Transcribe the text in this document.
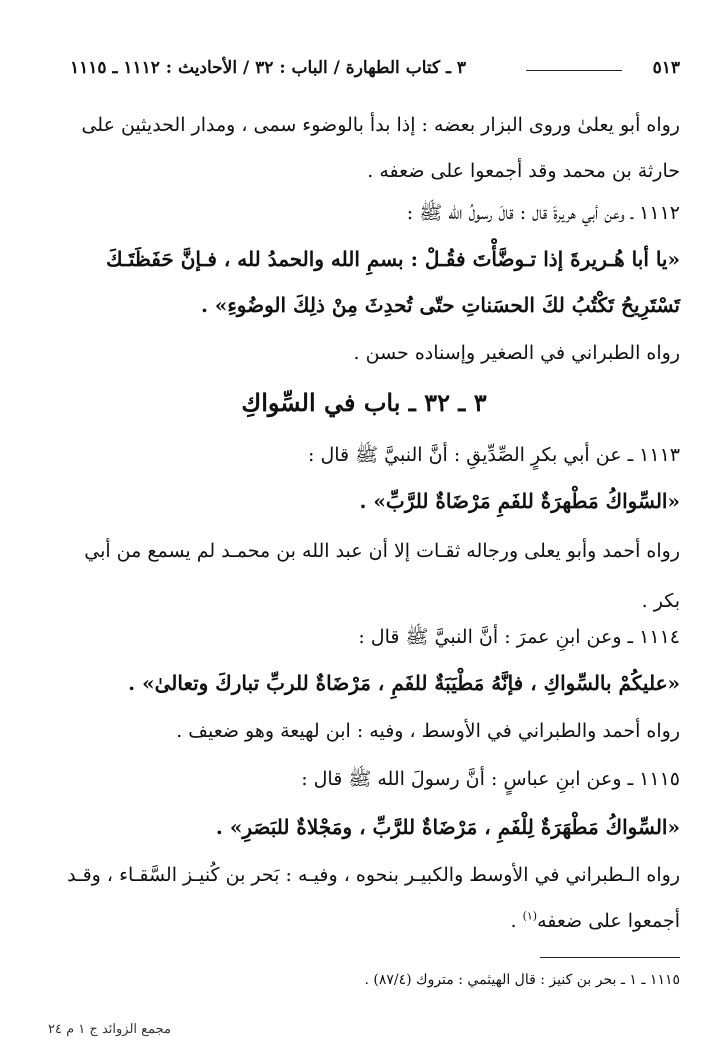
٥١٣
٣ ـ كتاب الطهارة / الباب : ٣٢ / الأحاديث : ١١١٢ ـ ١١١٥
رواه أبو يعلىٰ وروى البزار بعضه : إذا بدأ بالوضوء سمى ، ومدار الحديثين على حارثة بن محمد وقد أجمعوا على ضعفه .
١١١٢ ـ وعن أبي هريرةَ قال : قالَ رسولُ الله ﷺ :
«يا أبا هُـريرةَ إذا تـوضَّأْتَ فقُـلْ : بسمِ الله والحمدُ لله ، فـإنَّ حَفَظَتَـكَ تَسْتَرِيحُ تَكْتُبُ لكَ الحسَناتِ حتّى تُحدِثَ مِنْ ذلِكَ الوضُوءِ» .
رواه الطبراني في الصغير وإسناده حسن .
٣ ـ ٣٢ ـ باب في السِّواكِ
١١١٣ ـ عن أبي بكرٍ الصِّدِّيقِ : أنَّ النبيَّ ﷺ قال :
«السِّواكُ مَطْهرَةٌ للفَمِ مَرْضَاةٌ للرَّبِّ» .
رواه أحمد وأبو يعلى ورجاله ثقـات إلا أن عبد الله بن محمـد لم يسمع من أبي بكر .
١١١٤ ـ وعن ابنِ عمرَ : أنَّ النبيَّ ﷺ قال :
«عليكُمْ بالسِّواكِ ، فإنَّهُ مَطْيَبَةٌ للفَمِ ، مَرْضَاةٌ للربِّ تباركَ وتعالىٰ» .
رواه أحمد والطبراني في الأوسط ، وفيه : ابن لهيعة وهو ضعيف .
١١١٥ ـ وعن ابنِ عباسٍ : أنَّ رسولَ الله ﷺ قال :
«السِّواكُ مَطْهَرَةٌ لِلْفَمِ ، مَرْضَاةٌ للرَّبِّ ، ومَجْلاةٌ للبَصَرِ» .
رواه الـطبراني في الأوسط والكبيـر بنحوه ، وفيـه : بَحر بن كُنيـز السَّقـاء ، وقـد أجمعوا على ضعفه$^{(١)}$ .
١١١٥ ـ ١ ـ بحر بن كنيز : قال الهيثمي : متروك (٨٧/٤) .
مجمع الزوائد ج ١ م ٢٤
